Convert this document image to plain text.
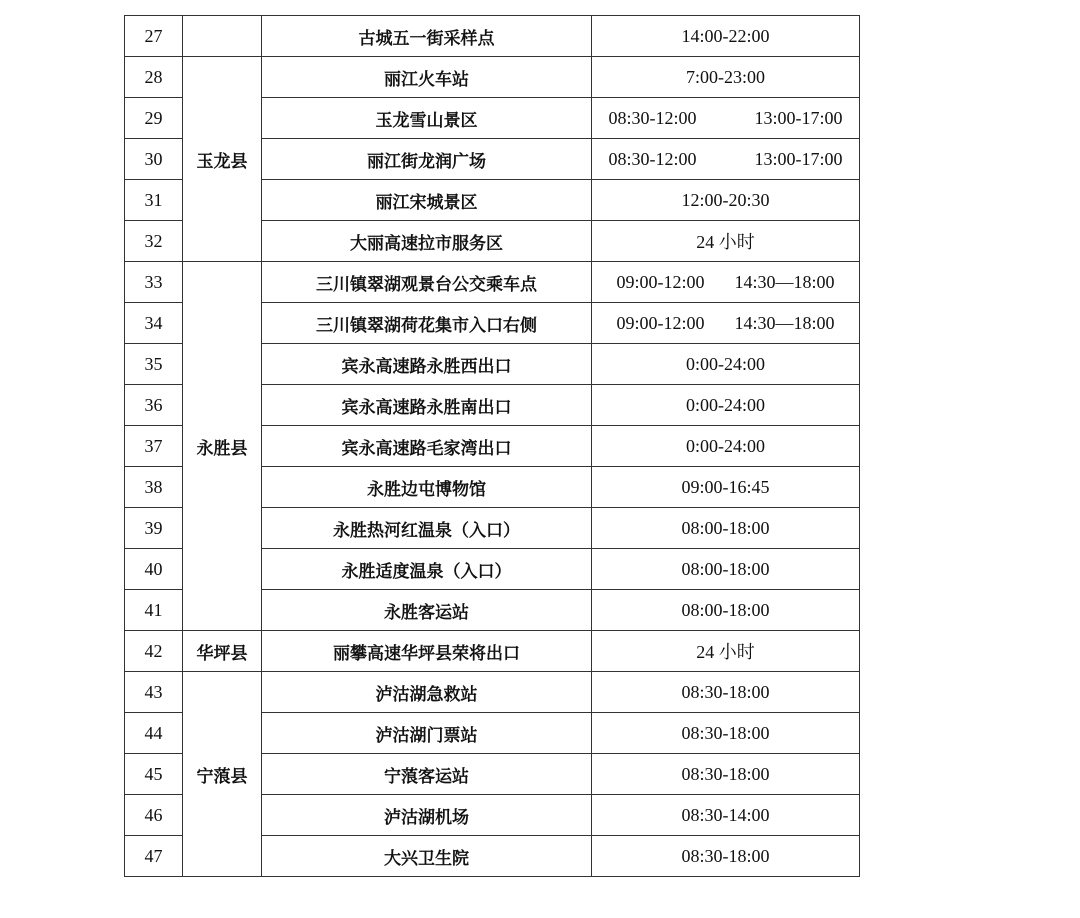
27		古城五一街采样点	14:00-22:00
28	玉龙县	丽江火车站	7:00-23:00
29		玉龙雪山景区	08:30-12:00 13:00-17:00
30		丽江街龙润广场	08:30-12:00 13:00-17:00
31		丽江宋城景区	12:00-20:30
32		大丽高速拉市服务区	24 小时
33	永胜县	三川镇翠湖观景台公交乘车点	09:00-12:00 14:30—18:00
34		三川镇翠湖荷花集市入口右侧	09:00-12:00 14:30—18:00
35		宾永高速路永胜西出口	0:00-24:00
36		宾永高速路永胜南出口	0:00-24:00
37		宾永高速路毛家湾出口	0:00-24:00
38		永胜边屯博物馆	09:00-16:45
39		永胜热河红温泉（入口）	08:00-18:00
40		永胜适度温泉（入口）	08:00-18:00
41		永胜客运站	08:00-18:00
42	华坪县	丽攀高速华坪县荣将出口	24 小时
43	宁蒗县	泸沽湖急救站	08:30-18:00
44		泸沽湖门票站	08:30-18:00
45		宁蒗客运站	08:30-18:00
46		泸沽湖机场	08:30-14:00
47		大兴卫生院	08:30-18:00
